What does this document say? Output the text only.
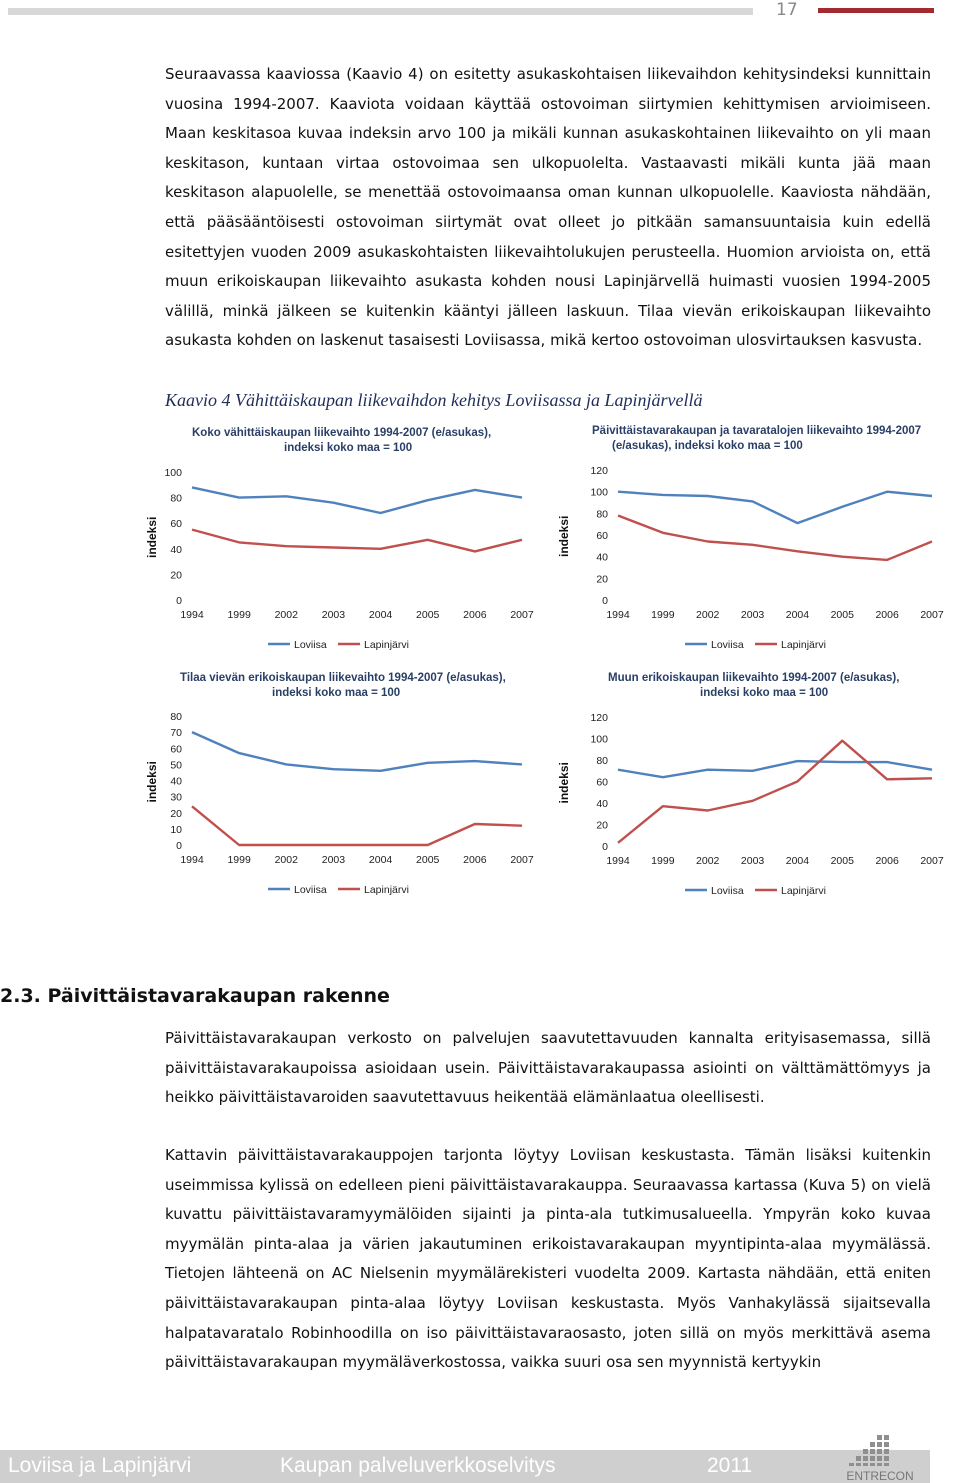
17

Seuraavassa kaaviossa (Kaavio 4) on esitetty asukaskohtaisen liikevaihdon kehitysindeksi kunnittain vuosina 1994-2007. Kaaviota voidaan käyttää ostovoiman siirtymien kehittymisen arvioimiseen. Maan keskitasoa kuvaa indeksin arvo 100 ja mikäli kunnan asukaskohtainen liikevaihto on yli maan keskitason, kuntaan virtaa ostovoimaa sen ulkopuolelta. Vastaavasti mikäli kunta jää maan keskitason alapuolelle, se menettää ostovoimaansa oman kunnan ulkopuolelle. Kaaviosta nähdään, että pääsääntöisesti ostovoiman siirtymät ovat olleet jo pitkään samansuuntaisia kuin edellä esitettyjen vuoden 2009 asukaskohtaisten liikevaihtolukujen perusteella. Huomion arvioista on, että muun erikoiskaupan liikevaihto asukasta kohden nousi Lapinjärvellä huimasti vuosien 1994-2005 välillä, minkä jälkeen se kuitenkin kääntyi jälleen laskuun. Tilaa vievän erikoiskaupan liikevaihto asukasta kohden on laskenut tasaisesti Loviisassa, mikä kertoo ostovoiman ulosvirtauksen kasvusta.

Kaavio 4 Vähittäiskaupan liikevaihdon kehitys Loviisassa ja Lapinjärvellä
Koko vähittäiskaupan liikevaihto 1994-2007 (e/asukas),
indeksi koko maa = 100
0
20
40
60
80
100
indeksi
1994 1999 2002 2003 2004 2005 2006 2007
Loviisa	Lapinjärvi
Päivittäistavarakaupan ja tavaratalojen liikevaihto 1994-2007
(e/asukas), indeksi koko maa = 100
0
20
40
60
80
100
120
indeksi
1994 1999 2002 2003 2004 2005 2006 2007
Loviisa	Lapinjärvi
Tilaa vievän erikoiskaupan liikevaihto 1994-2007 (e/asukas),
indeksi koko maa = 100
0
10
20
30
40
50
60
70
80
indeksi
1994 1999 2002 2003 2004 2005 2006 2007
Loviisa	Lapinjärvi
Muun erikoiskaupan liikevaihto 1994-2007 (e/asukas),
indeksi koko maa = 100
0
20
40
60
80
100
120
indeksi
1994 1999 2002 2003 2004 2005 2006 2007
Loviisa	Lapinjärvi
2.3. Päivittäistavarakaupan rakenne

Päivittäistavarakaupan verkosto on palvelujen saavutettavuuden kannalta erityisasemassa, sillä päivittäistavarakaupoissa asioidaan usein. Päivittäistavarakaupassa asiointi on välttämättömyys ja heikko päivittäistavaroiden saavutettavuus heikentää elämänlaatua oleellisesti.

Kattavin päivittäistavarakauppojen tarjonta löytyy Loviisan keskustasta. Tämän lisäksi kuitenkin useimmissa kylissä on edelleen pieni päivittäistavarakauppa. Seuraavassa kartassa (Kuva 5) on vielä kuvattu päivittäistavaramyymälöiden sijainti ja pinta-ala tutkimusalueella. Ympyrän koko kuvaa myymälän pinta-alaa ja värien jakautuminen erikoistavarakaupan myyntipinta-alaa myymälässä. Tietojen lähteenä on AC Nielsenin myymälärekisteri vuodelta 2009. Kartasta nähdään, että eniten päivittäistavarakaupan pinta-alaa löytyy Loviisan keskustasta. Myös Vanhakylässä sijaitsevalla halpatavaratalo Robinhoodilla on iso päivittäistavaraosasto, joten sillä on myös merkittävä asema päivittäistavarakaupan myymäläverkostossa, vaikka suuri osa sen myynnistä kertyykin

Loviisa ja Lapinjärvi	Kaupan palveluverkkoselvitys	2011	ENTRECON
